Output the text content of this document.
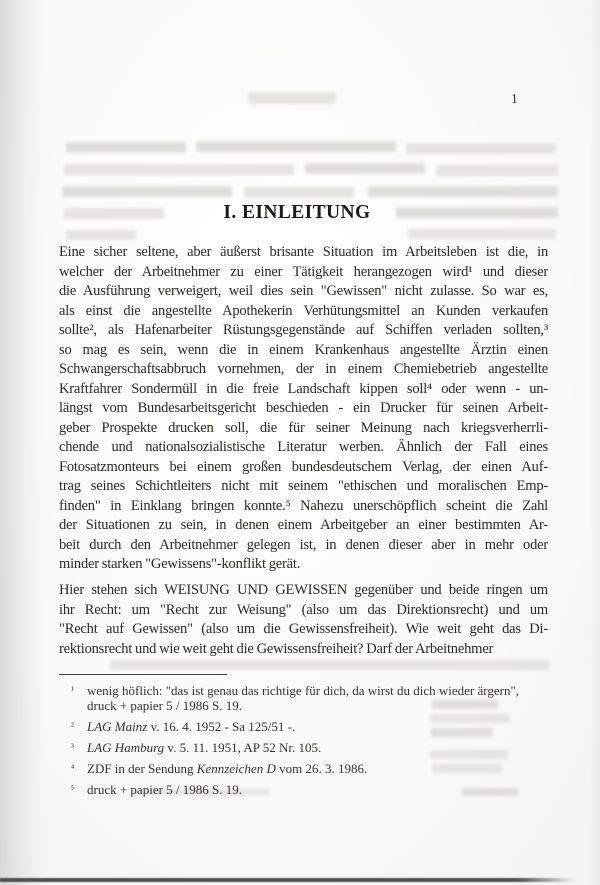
1
I. EINLEITUNG
Eine sicher seltene, aber äußerst brisante Situation im Arbeitsleben ist die, in
welcher der Arbeitnehmer zu einer Tätigkeit herangezogen wird¹ und dieser
die Ausführung verweigert, weil dies sein "Gewissen" nicht zulasse. So war es,
als einst die angestellte Apothekerin Verhütungsmittel an Kunden verkaufen
sollte², als Hafenarbeiter Rüstungsgegenstände auf Schiffen verladen sollten,³
so mag es sein, wenn die in einem Krankenhaus angestellte Ärztin einen
Schwangerschaftsabbruch vornehmen, der in einem Chemiebetrieb angestellte
Kraftfahrer Sondermüll in die freie Landschaft kippen soll⁴ oder wenn - un-
längst vom Bundesarbeitsgericht beschieden - ein Drucker für seinen Arbeit-
geber Prospekte drucken soll, die für seiner Meinung nach kriegsverherrli-
chende und nationalsozialistische Literatur werben. Ähnlich der Fall eines
Fotosatzmonteurs bei einem großen bundesdeutschem Verlag, der einen Auf-
trag seines Schichtleiters nicht mit seinem "ethischen und moralischen Emp-
finden" in Einklang bringen konnte.⁵ Nahezu unerschöpflich scheint die Zahl
der Situationen zu sein, in denen einem Arbeitgeber an einer bestimmten Ar-
beit durch den Arbeitnehmer gelegen ist, in denen dieser aber in mehr oder
minder starken "Gewissens"-konflikt gerät.
Hier stehen sich WEISUNG UND GEWISSEN gegenüber und beide ringen um
ihr Recht: um "Recht zur Weisung" (also um das Direktionsrecht) und um
"Recht auf Gewissen" (also um die Gewissensfreiheit). Wie weit geht das Di-
rektionsrecht und wie weit geht die Gewissensfreiheit? Darf der Arbeitnehmer
¹	wenig höflich: "das ist genau das richtige für dich, da wirst du dich wieder ärgern", druck + papier 5 / 1986 S. 19.
²	LAG Mainz v. 16. 4. 1952 - Sa 125/51 -.
³	LAG Hamburg v. 5. 11. 1951, AP 52 Nr. 105.
⁴ ZDF in der Sendung Kennzeichen D vom 26. 3. 1986.
⁵ druck + papier 5 / 1986 S. 19.
